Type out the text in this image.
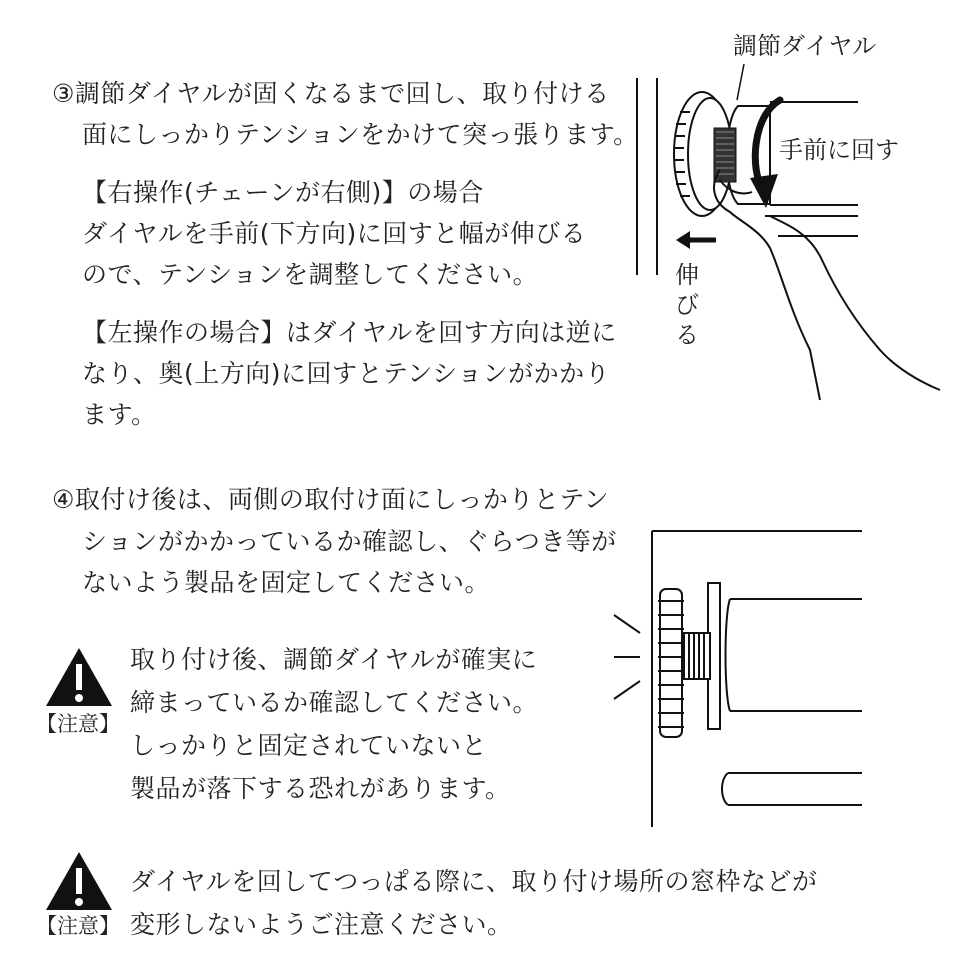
③調節ダイヤルが固くなるまで回し、取り付ける
面にしっかりテンションをかけて突っ張ります。
【右操作(チェーンが右側)】の場合
ダイヤルを手前(下方向)に回すと幅が伸びる
ので、テンションを調整してください。
【左操作の場合】はダイヤルを回す方向は逆に
なり、奥(上方向)に回すとテンションがかかり
ます。
調節ダイヤル
手前に回す
伸
び
る
④取付け後は、両側の取付け面にしっかりとテン
ションがかかっているか確認し、ぐらつき等が
ないよう製品を固定してください。
【注意】
取り付け後、調節ダイヤルが確実に
締まっているか確認してください。
しっかりと固定されていないと
製品が落下する恐れがあります。
【注意】
ダイヤルを回してつっぱる際に、取り付け場所の窓枠などが
変形しないようご注意ください。
